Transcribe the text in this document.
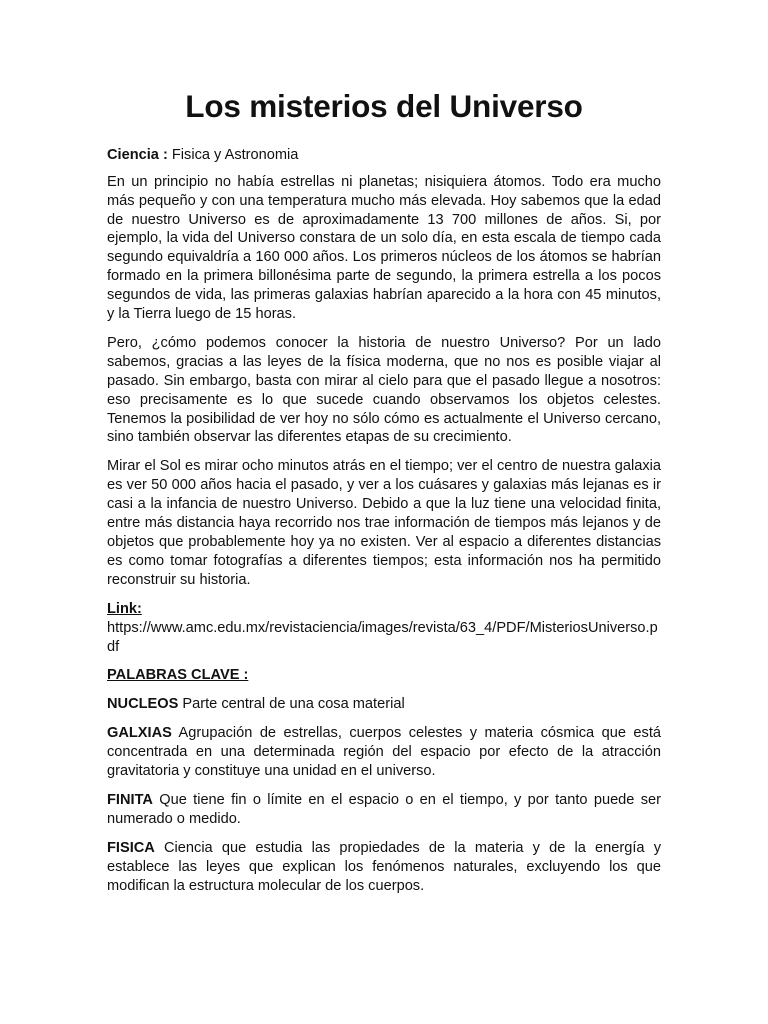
Los misterios del Universo

Ciencia : Fisica y Astronomia

En un principio no había estrellas ni planetas; nisiquiera átomos. Todo era mucho más pequeño y con una temperatura mucho más elevada. Hoy sabemos que la edad de nuestro Universo es de aproximadamente 13 700 millones de años. Si, por ejemplo, la vida del Universo constara de un solo día, en esta escala de tiempo cada segundo equivaldría a 160 000 años. Los primeros núcleos de los átomos se habrían formado en la primera billonésima parte de segundo, la primera estrella a los pocos segundos de vida, las primeras galaxias habrían aparecido a la hora con 45 minutos, y la Tierra luego de 15 horas.

Pero, ¿cómo podemos conocer la historia de nuestro Universo? Por un lado sabemos, gracias a las leyes de la física moderna, que no nos es posible viajar al pasado. Sin embargo, basta con mirar al cielo para que el pasado llegue a nosotros: eso precisamente es lo que sucede cuando observamos los objetos celestes. Tenemos la posibilidad de ver hoy no sólo cómo es actualmente el Universo cercano, sino también observar las diferentes etapas de su crecimiento.

Mirar el Sol es mirar ocho minutos atrás en el tiempo; ver el centro de nuestra galaxia es ver 50 000 años hacia el pasado, y ver a los cuásares y galaxias más lejanas es ir casi a la infancia de nuestro Universo. Debido a que la luz tiene una velocidad finita, entre más distancia haya recorrido nos trae información de tiempos más lejanos y de objetos que probablemente hoy ya no existen. Ver al espacio a diferentes distancias es como tomar fotografías a diferentes tiempos; esta información nos ha permitido reconstruir su historia.

Link:
https://www.amc.edu.mx/revistaciencia/images/revista/63_4/PDF/MisteriosUniverso.pdf

PALABRAS CLAVE :

NUCLEOS Parte central de una cosa material

GALXIAS Agrupación de estrellas, cuerpos celestes y materia cósmica que está concentrada en una determinada región del espacio por efecto de la atracción gravitatoria y constituye una unidad en el universo.

FINITA Que tiene fin o límite en el espacio o en el tiempo, y por tanto puede ser numerado o medido.

FISICA Ciencia que estudia las propiedades de la materia y de la energía y establece las leyes que explican los fenómenos naturales, excluyendo los que modifican la estructura molecular de los cuerpos.
